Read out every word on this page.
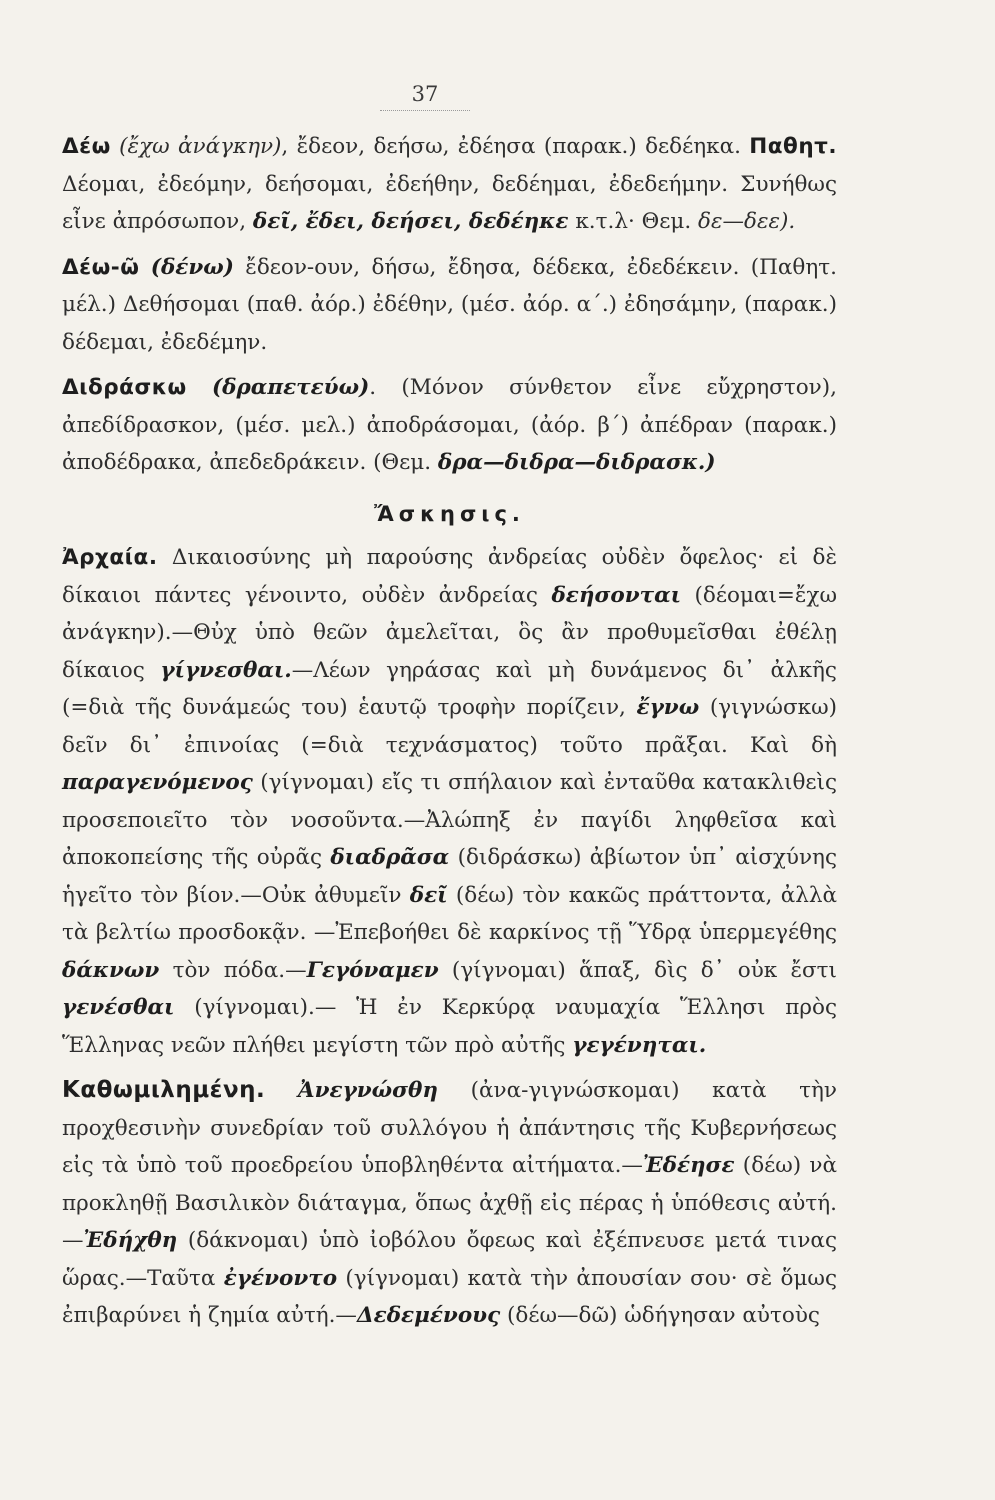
37

Δέω (ἔχω ἀνάγκην), ἔδεον, δεήσω, ἐδέησα (παρακ.) δεδέηκα. Παθητ. Δέομαι, ἐδεόμην, δεήσομαι, ἐδεήθην, δεδέημαι, ἐδεδεήμην. Συνήθως εἶνε ἀπρόσωπον, δεῖ, ἔδει, δεήσει, δεδέηκε κ.τ.λ· Θεμ. δε—δεε).

Δέω-ῶ (δένω) ἔδεον-ουν, δήσω, ἔδησα, δέδεκα, ἐδεδέκειν. (Παθητ. μέλ.) Δεθήσομαι (παθ. ἀόρ.) ἐδέθην, (μέσ. ἀόρ. α΄.) ἐδησάμην, (παρακ.) δέδεμαι, ἐδεδέμην.

Διδράσκω (δραπετεύω). (Μόνον σύνθετον εἶνε εὔχρηστον), ἀπεδίδρασκον, (μέσ. μελ.) ἀποδράσομαι, (ἀόρ. β΄) ἀπέδραν (παρακ.) ἀποδέδρακα, ἀπεδεδράκειν. (Θεμ. δρα—διδρα—διδρασκ.)

Ἄσκησις.

Ἀρχαία. Δικαιοσύνης μὴ παρούσης ἀνδρείας οὐδὲν ὄφελος· εἰ δὲ δίκαιοι πάντες γένοιντο, οὐδὲν ἀνδρείας δεήσονται (δέομαι=ἔχω ἀνάγκην).—Θὐχ ὑπὸ θεῶν ἀμελεῖται, ὃς ἂν προθυμεῖσθαι ἐθέλῃ δίκαιος γίγνεσθαι.—Λέων γηράσας καὶ μὴ δυνάμενος δι᾽ ἀλκῆς (=διὰ τῆς δυνάμεώς του) ἑαυτῷ τροφὴν πορίζειν, ἔγνω (γιγνώσκω) δεῖν δι᾽ ἐπινοίας (=διὰ τεχνάσματος) τοῦτο πρᾶξαι. Καὶ δὴ παραγενόμενος (γίγνομαι) εἴς τι σπήλαιον καὶ ἐνταῦθα κατακλιθεὶς προσεποιεῖτο τὸν νοσοῦντα.—Ἀλώπηξ ἐν παγίδι ληφθεῖσα καὶ ἀποκοπείσης τῆς οὐρᾶς διαδρᾶσα (διδράσκω) ἀβίωτον ὑπ᾽ αἰσχύνης ἡγεῖτο τὸν βίον.—Οὐκ ἀθυμεῖν δεῖ (δέω) τὸν κακῶς πράττοντα, ἀλλὰ τὰ βελτίω προσδοκᾷν. —Ἐπεβοήθει δὲ καρκίνος τῇ Ὕδρᾳ ὑπερμεγέθης δάκνων τὸν πόδα.—Γεγόναμεν (γίγνομαι) ἅπαξ, δὶς δ᾽ οὐκ ἔστι γενέσθαι (γίγνομαι).— Ἡ ἐν Κερκύρᾳ ναυμαχία Ἕλλησι πρὸς Ἕλληνας νεῶν πλήθει μεγίστη τῶν πρὸ αὐτῆς γεγένηται.

Καθωμιλημένη. Ἀνεγνώσθη (ἀνα-γιγνώσκομαι) κατὰ τὴν προχθεσινὴν συνεδρίαν τοῦ συλλόγου ἡ ἀπάντησις τῆς Κυβερνήσεως εἰς τὰ ὑπὸ τοῦ προεδρείου ὑποβληθέντα αἰτήματα.—Ἐδέησε (δέω) νὰ προκληθῇ Βασιλικὸν διάταγμα, ὅπως ἀχθῇ εἰς πέρας ἡ ὑπόθεσις αὐτή. —Ἐδήχθη (δάκνομαι) ὑπὸ ἰοβόλου ὄφεως καὶ ἐξέπνευσε μετά τινας ὥρας.—Ταῦτα ἐγένοντο (γίγνομαι) κατὰ τὴν ἀπουσίαν σου· σὲ ὅμως ἐπιβαρύνει ἡ ζημία αὐτή.—Δεδεμένους (δέω—δῶ) ὡδήγησαν αὐτοὺς
